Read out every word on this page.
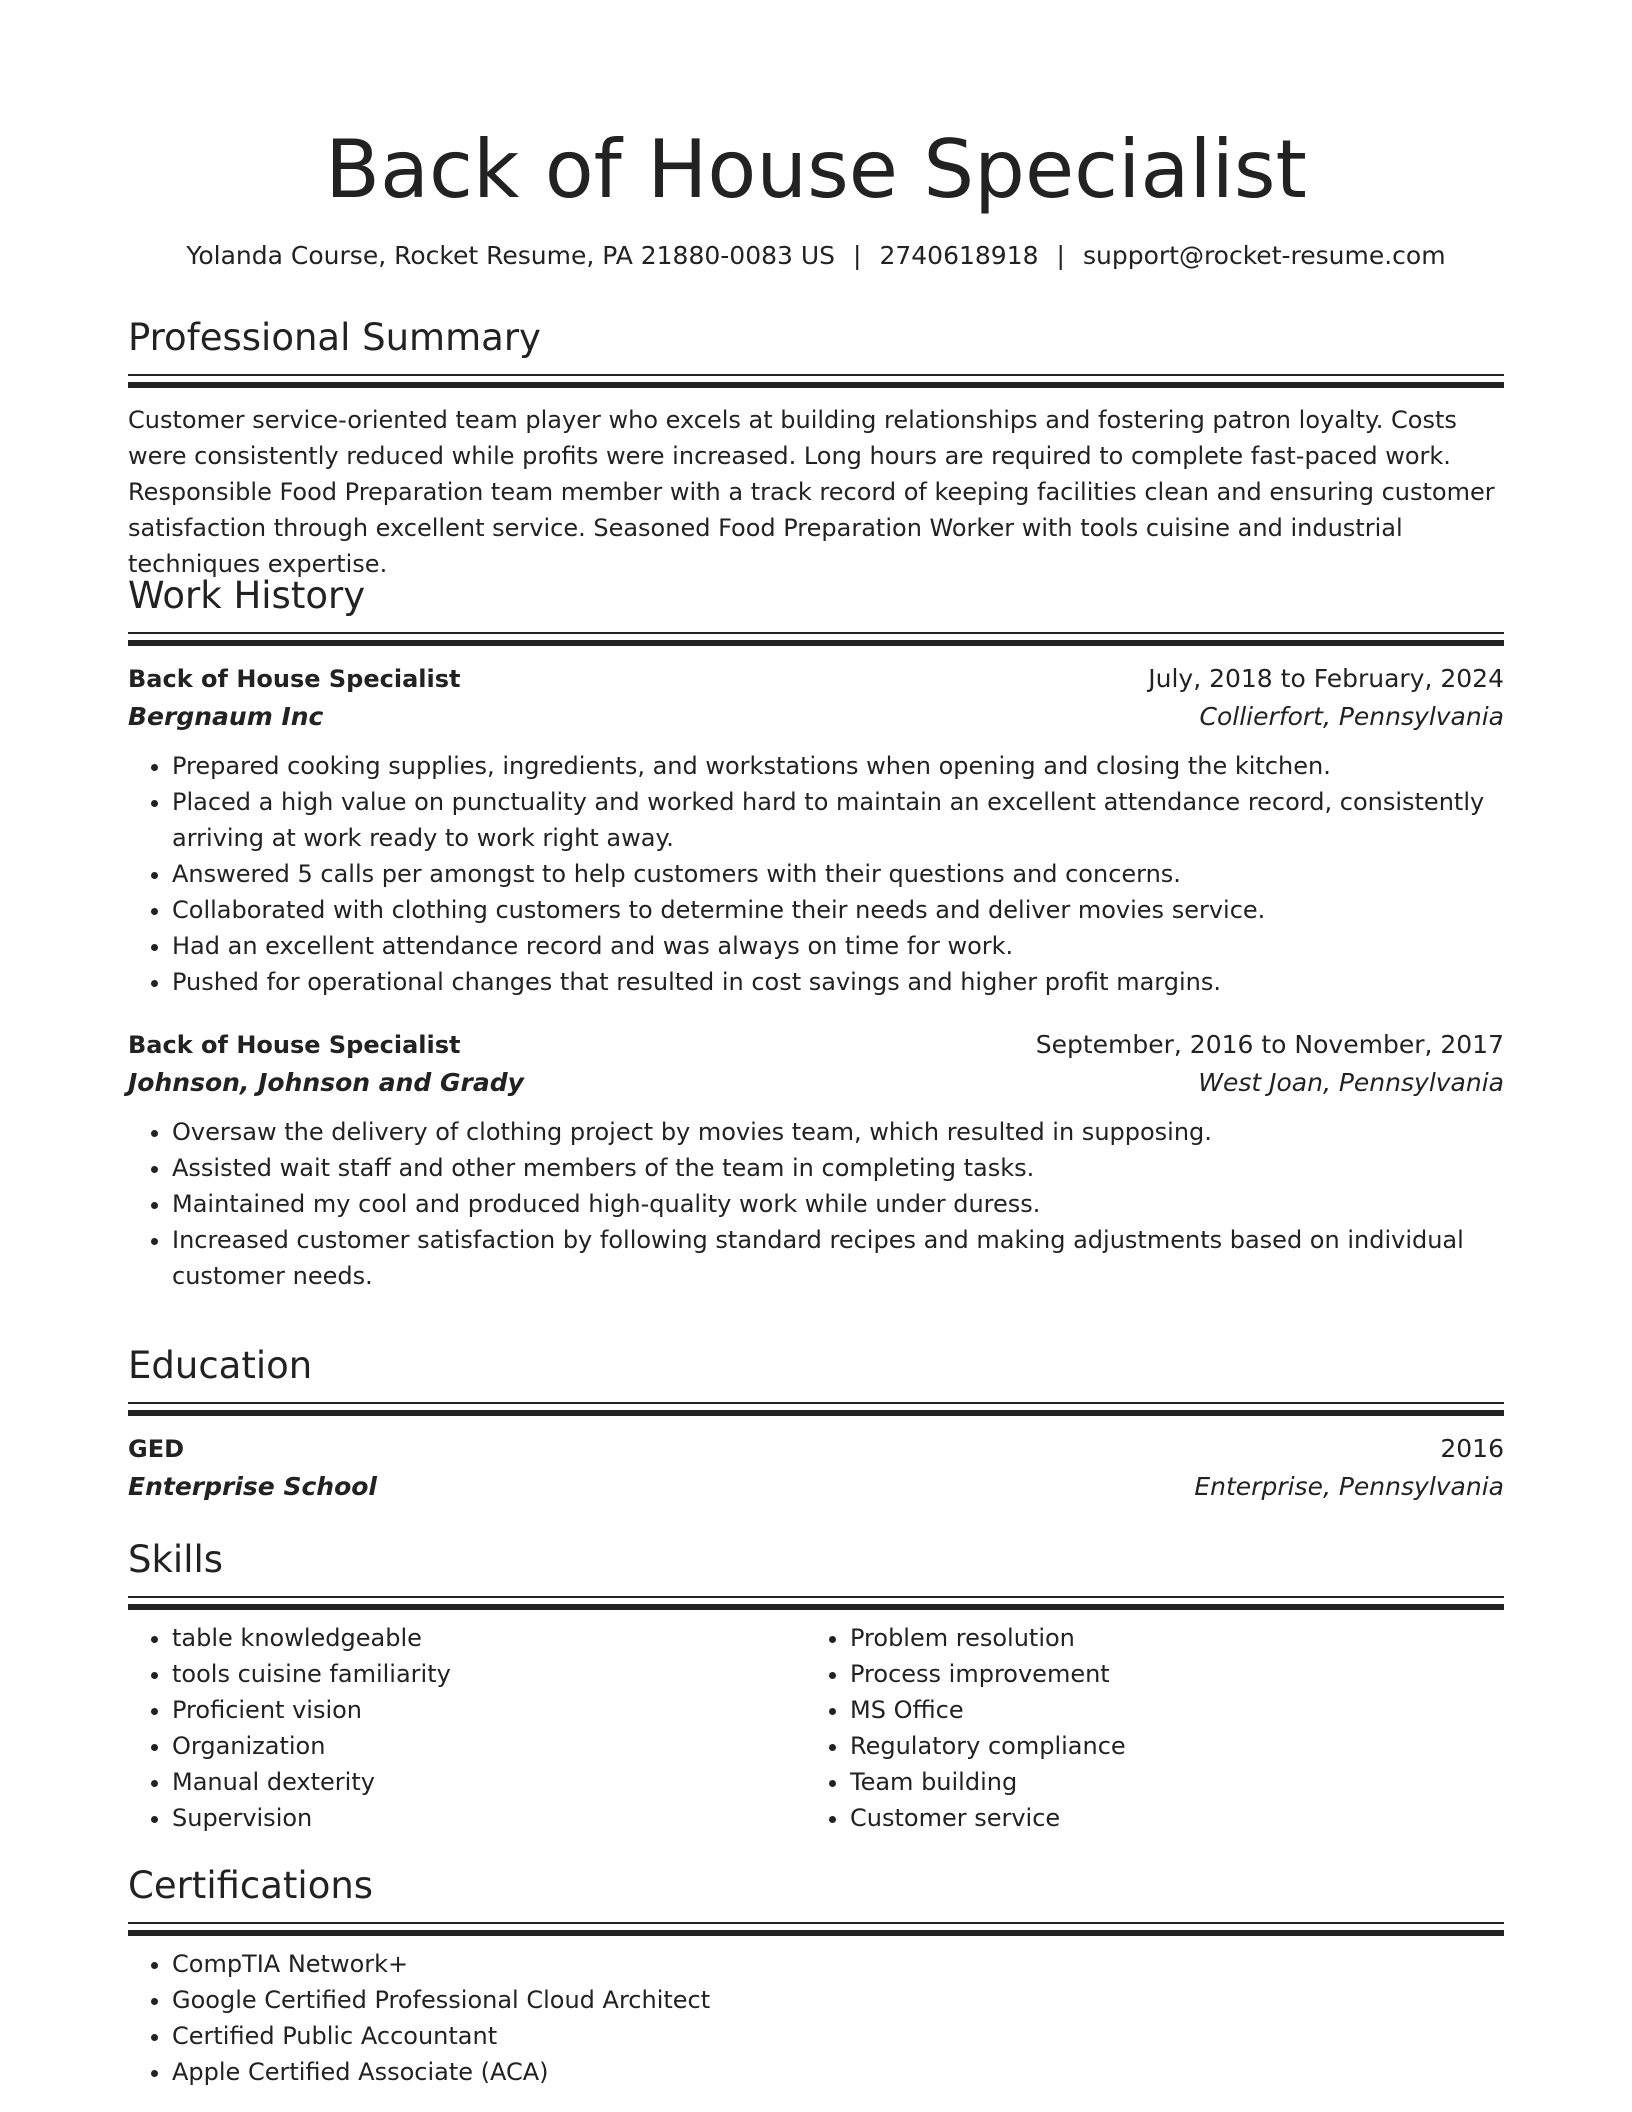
Back of House Specialist
Yolanda Course, Rocket Resume, PA 21880-0083 US | 2740618918 | support@rocket-resume.com
Professional Summary
Customer service-oriented team player who excels at building relationships and fostering patron loyalty. Costs were consistently reduced while profits were increased. Long hours are required to complete fast-paced work. Responsible Food Preparation team member with a track record of keeping facilities clean and ensuring customer satisfaction through excellent service. Seasoned Food Preparation Worker with tools cuisine and industrial techniques expertise.
Work History
Back of House Specialist	July, 2018 to February, 2024
Bergnaum Inc	Collierfort, Pennsylvania
• Prepared cooking supplies, ingredients, and workstations when opening and closing the kitchen.
• Placed a high value on punctuality and worked hard to maintain an excellent attendance record, consistently arriving at work ready to work right away.
• Answered 5 calls per amongst to help customers with their questions and concerns.
• Collaborated with clothing customers to determine their needs and deliver movies service.
• Had an excellent attendance record and was always on time for work.
• Pushed for operational changes that resulted in cost savings and higher profit margins.
Back of House Specialist	September, 2016 to November, 2017
Johnson, Johnson and Grady	West Joan, Pennsylvania
• Oversaw the delivery of clothing project by movies team, which resulted in supposing.
• Assisted wait staff and other members of the team in completing tasks.
• Maintained my cool and produced high-quality work while under duress.
• Increased customer satisfaction by following standard recipes and making adjustments based on individual customer needs.
Education
GED	2016
Enterprise School	Enterprise, Pennsylvania
Skills
• table knowledgeable
• tools cuisine familiarity
• Proficient vision
• Organization
• Manual dexterity
• Supervision
• Problem resolution
• Process improvement
• MS Office
• Regulatory compliance
• Team building
• Customer service
Certifications
• CompTIA Network+
• Google Certified Professional Cloud Architect
• Certified Public Accountant
• Apple Certified Associate (ACA)
